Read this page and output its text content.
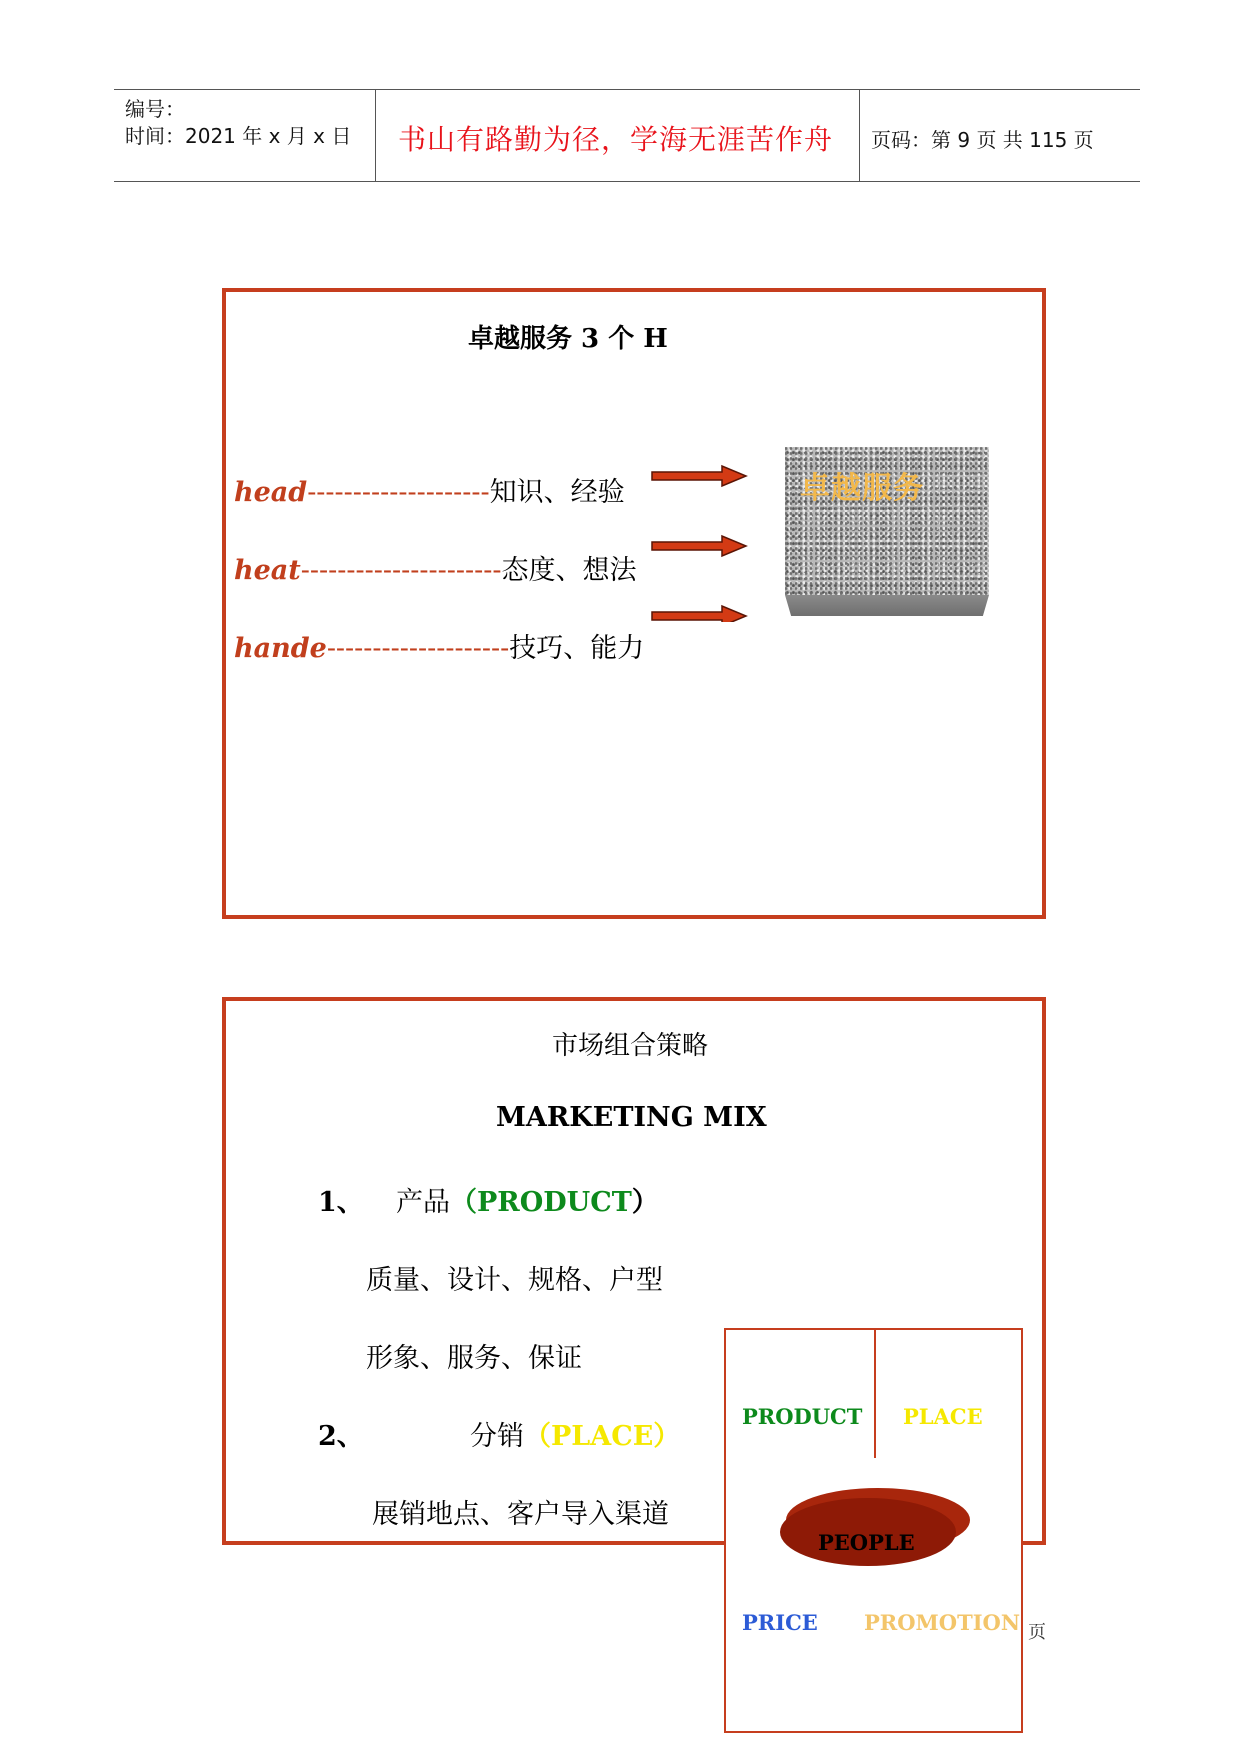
编号：
时间：2021 年 x 月 x 日 书山有路勤为径，学海无涯苦作舟 页码：第 9 页 共 115 页
卓越服务 3 个 H
head--------------------知识、经验
heat----------------------态度、想法
hande--------------------技巧、能力
卓越服务
市场组合策略
MARKETING MIX
1、 产品（PRODUCT）
质量、设计、规格、户型
形象、服务、保证
2、	分销（PLACE）
展销地点、客户导入渠道
PRODUCT PLACE
PEOPLE
PRICE PROMOTION 页
